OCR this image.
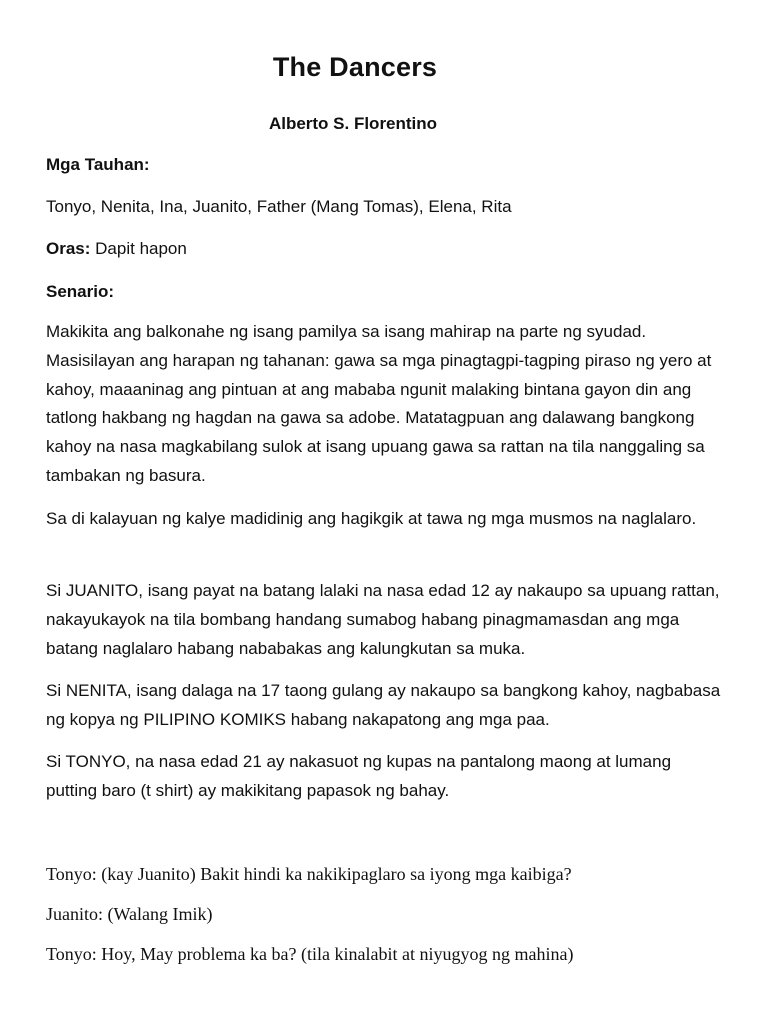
The Dancers
Alberto S. Florentino
Mga Tauhan:
Tonyo, Nenita, Ina, Juanito, Father (Mang Tomas), Elena, Rita
Oras: Dapit hapon
Senario:
Makikita ang balkonahe ng isang pamilya sa isang mahirap na parte ng syudad. Masisilayan ang harapan ng tahanan: gawa sa mga pinagtagpi-tagping piraso ng yero at kahoy, maaaninag ang pintuan at ang mababa ngunit malaking bintana gayon din ang tatlong hakbang ng hagdan na gawa sa adobe. Matatagpuan ang dalawang bangkong kahoy na nasa magkabilang sulok at isang upuang gawa sa rattan na tila nanggaling sa tambakan ng basura.
Sa di kalayuan ng kalye madidinig ang hagikgik at tawa ng mga musmos na naglalaro.
Si JUANITO, isang payat na batang lalaki na nasa edad 12 ay nakaupo sa upuang rattan, nakayukayok na tila bombang handang sumabog habang pinagmamasdan ang mga batang naglalaro habang nababakas ang kalungkutan sa muka.
Si NENITA, isang dalaga na 17 taong gulang ay nakaupo sa bangkong kahoy, nagbabasa ng kopya ng PILIPINO KOMIKS habang nakapatong ang mga paa.
Si TONYO, na nasa edad 21 ay nakasuot ng kupas na pantalong maong at lumang putting baro (t shirt) ay makikitang papasok ng bahay.
Tonyo: (kay Juanito) Bakit hindi ka nakikipaglaro sa iyong mga kaibiga?
Juanito: (Walang Imik)
Tonyo: Hoy, May problema ka ba? (tila kinalabit at niyugyog ng mahina)
